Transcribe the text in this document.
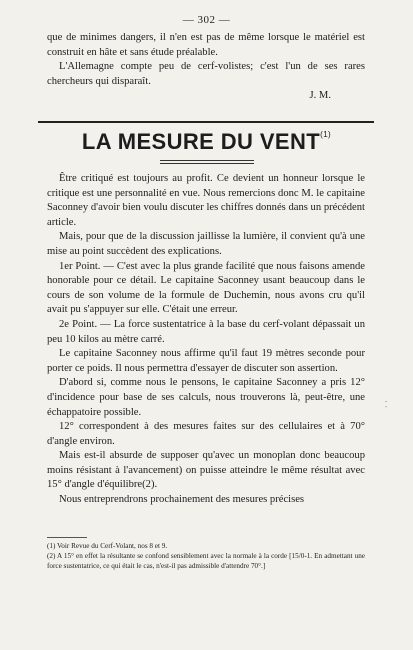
— 302 —

que de minimes dangers, il n'en est pas de même lorsque le matériel est construit en hâte et sans étude préalable.

L'Allemagne compte peu de cerf-volistes; c'est l'un de ses rares chercheurs qui disparaît.

J. M.
LA MESURE DU VENT$^{(1)}$

Être critiqué est toujours au profit. Ce devient un honneur lorsque le critique est une personnalité en vue. Nous remercions donc M. le capitaine Saconney d'avoir bien voulu discuter les chiffres donnés dans un précédent article.

Mais, pour que de la discussion jaillisse la lumière, il convient qu'à une mise au point succèdent des explications.

1er Point. — C'est avec la plus grande facilité que nous faisons amende honorable pour ce détail. Le capitaine Saconney usant beaucoup dans le cours de son volume de la formule de Duchemin, nous avons cru qu'il avait pu s'appuyer sur elle. C'était une erreur.

2e Point. — La force sustentatrice à la base du cerf-volant dépassait un peu 10 kilos au mètre carré.

Le capitaine Saconney nous affirme qu'il faut 19 mètres seconde pour porter ce poids. Il nous permettra d'essayer de discuter son assertion.

D'abord si, comme nous le pensons, le capitaine Saconney a pris 12° d'incidence pour base de ses calculs, nous trouverons là, peut-être, une échappatoire possible.

12° correspondent à des mesures faites sur des cellulaires et à 70° d'angle environ.

Mais est-il absurde de supposer qu'avec un monoplan donc beaucoup moins résistant à l'avancement) on puisse atteindre le même résultat avec 15° d'angle d'équilibre(2).

Nous entreprendrons prochainement des mesures précises

(1) Voir Revue du Cerf-Volant, nos 8 et 9.

(2) A 15° en effet la résultante se confond sensiblement avec la normale à la corde [15/0-1. En admettant une force sustentatrice, ce qui était le cas, n'est-il pas admissible d'attendre 70°.]

· ·
